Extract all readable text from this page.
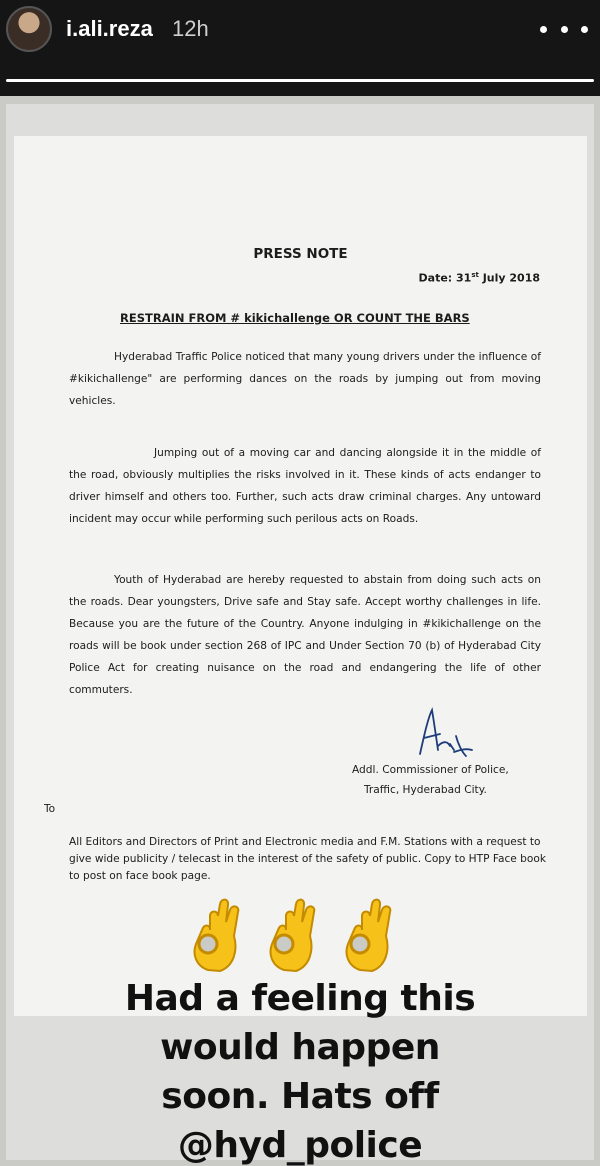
i.ali.reza 12h
PRESS NOTE
Date: 31st July 2018
RESTRAIN FROM # kikichallenge OR COUNT THE BARS
Hyderabad Traffic Police noticed that many young drivers under the influence of #kikichallenge" are performing dances on the roads by jumping out from moving vehicles.
Jumping out of a moving car and dancing alongside it in the middle of the road, obviously multiplies the risks involved in it. These kinds of acts endanger to driver himself and others too. Further, such acts draw criminal charges. Any untoward incident may occur while performing such perilous acts on Roads.
Youth of Hyderabad are hereby requested to abstain from doing such acts on the roads. Dear youngsters, Drive safe and Stay safe. Accept worthy challenges in life. Because you are the future of the Country. Anyone indulging in #kikichallenge on the roads will be book under section 268 of IPC and Under Section 70 (b) of Hyderabad City Police Act for creating nuisance on the road and endangering the life of other commuters.
Addl. Commissioner of Police,
Traffic, Hyderabad City.
To
All Editors and Directors of Print and Electronic media and F.M. Stations with a request to give wide publicity / telecast in the interest of the safety of public. Copy to HTP Face book to post on face book page.
Had a feeling this
would happen
soon. Hats off
@hyd_police
